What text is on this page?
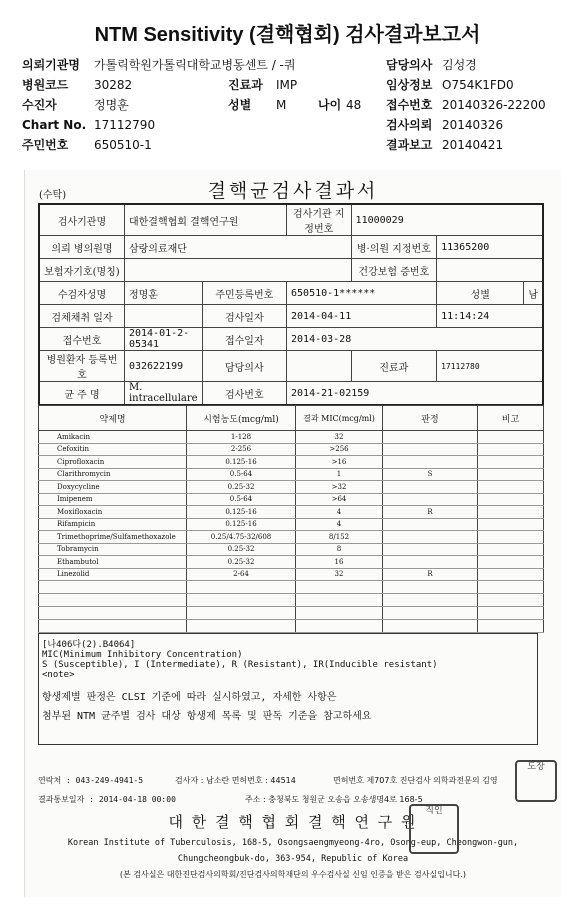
NTM Sensitivity (결핵협회) 검사결과보고서
의뢰기관명 가톨릭학원가톨릭대학교병동센트 / -쿼
병원코드 30282
수진자	정명훈
Chart No. 17112790
주민번호 650510-1
진료과 IMP
성별 M	나이 48
담당의사 김성경
임상정보 O754K1FD0
접수번호 20140326-22200
검사의뢰 20140326
결과보고 20140421
(수탁)	결핵균검사결과서
검사기관명	대한결핵협회 결핵연구원		검사기관 지정번호	11000029		
의뢰 병의원명	삼랑의료재단			병·의원 지정번호	11365200	
보험자기호(명칭)				건강보험 증번호		
수검자성명	정명훈	주민등록번호	650510-1******		성별	남
검체채취 일자		검사일자	2014-04-11		11:14:24	
접수번호	2014-01-2-05341	접수일자	2014-03-28			
병원환자 등록번호	032622199	담당의사		진료과	17112780	
균 주 명	M. intracellulare	검사번호	2014-21-02159			
약제명	시험농도(mcg/ml)	결과 MIC(mcg/ml)	판정	비고
Amikacin	1-128	32		
Cefoxitin	2-256	>256		
Ciprofloxacin	0.125-16	>16		
Clarithromycin	0.5-64	1	S	
Doxycycline	0.25-32	>32		
Imipenem	0.5-64	>64		
Moxifloxacin	0.125-16	4	R	
Rifampicin	0.125-16	4		
Trimethoprime/Sulfamethoxazole	0.25/4.75-32/608	8/152		
Tobramycin	0.25-32	8		
Ethambutol	0.25-32	16		
Linezolid	2-64	32	R	

[나406다(2).B4064]
MIC(Minimum Inhibitory Concentration)
S (Susceptible), I (Intermediate), R (Resistant), IR(Inducible resistant)
<note>
항생제별 판정은 CLSI 기준에 따라 실시하였고, 자세한 사항은
첨부된 NTM 균주별 검사 대상 항생제 목록 및 판독 기준을 참고하세요
연락처 : 043-249-4941-5	검사자 : 남소란 면허번호 : 44514	면허번호 제707호 진단검사 의학과전문의 김영
결과통보일자 : 2014-04-18 00:00	주소 : 충청북도 청원군 오송읍 오송생명4로 168-5
대 한 결 핵 협 회 결 핵 연 구 원
Korean Institute of Tuberculosis, 168-5, Osongsaengmyeong-4ro, Osong-eup, Cheongwon-gun,
Chungcheongbuk-do, 363-954, Republic of Korea
(본 검사실은 대한진단검사의학회/진단검사의학재단의 우수검사실 신임 인증을 받은 검사실입니다.)
도장
직인
